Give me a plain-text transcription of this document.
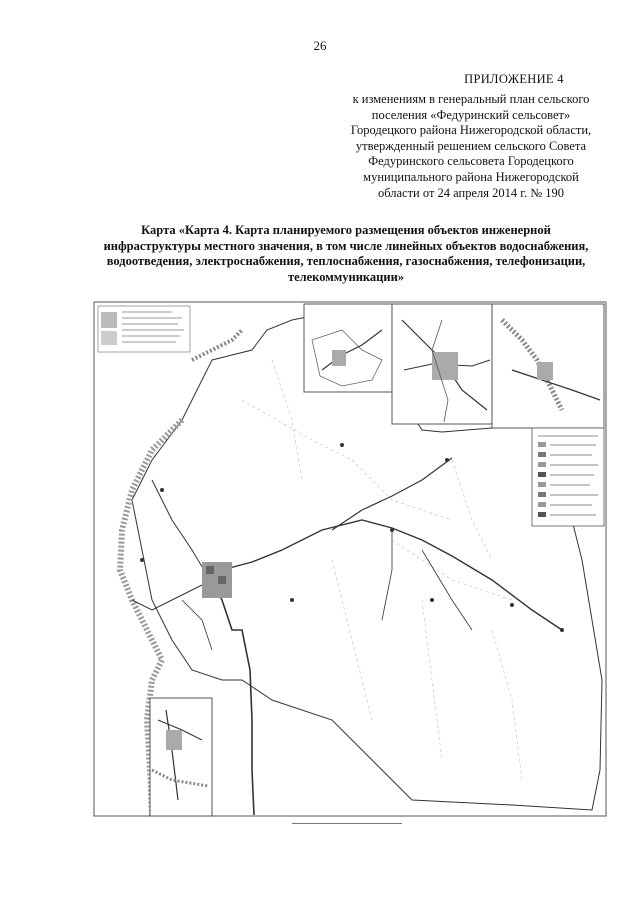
26
ПРИЛОЖЕНИЕ 4
к изменениям в генеральный план сельского
поселения «Федуринский сельсовет»
Городецкого района Нижегородской области,
утвержденный решением сельского Совета
Федуринского сельсовета Городецкого
муниципального района Нижегородской
области от 24 апреля 2014 г. № 190
Карта «Карта 4. Карта планируемого размещения объектов инженерной
инфраструктуры местного значения, в том числе линейных объектов водоснабжения,
водоотведения, электроснабжения, теплоснабжения, газоснабжения, телефонизации,
телекоммуникации»
